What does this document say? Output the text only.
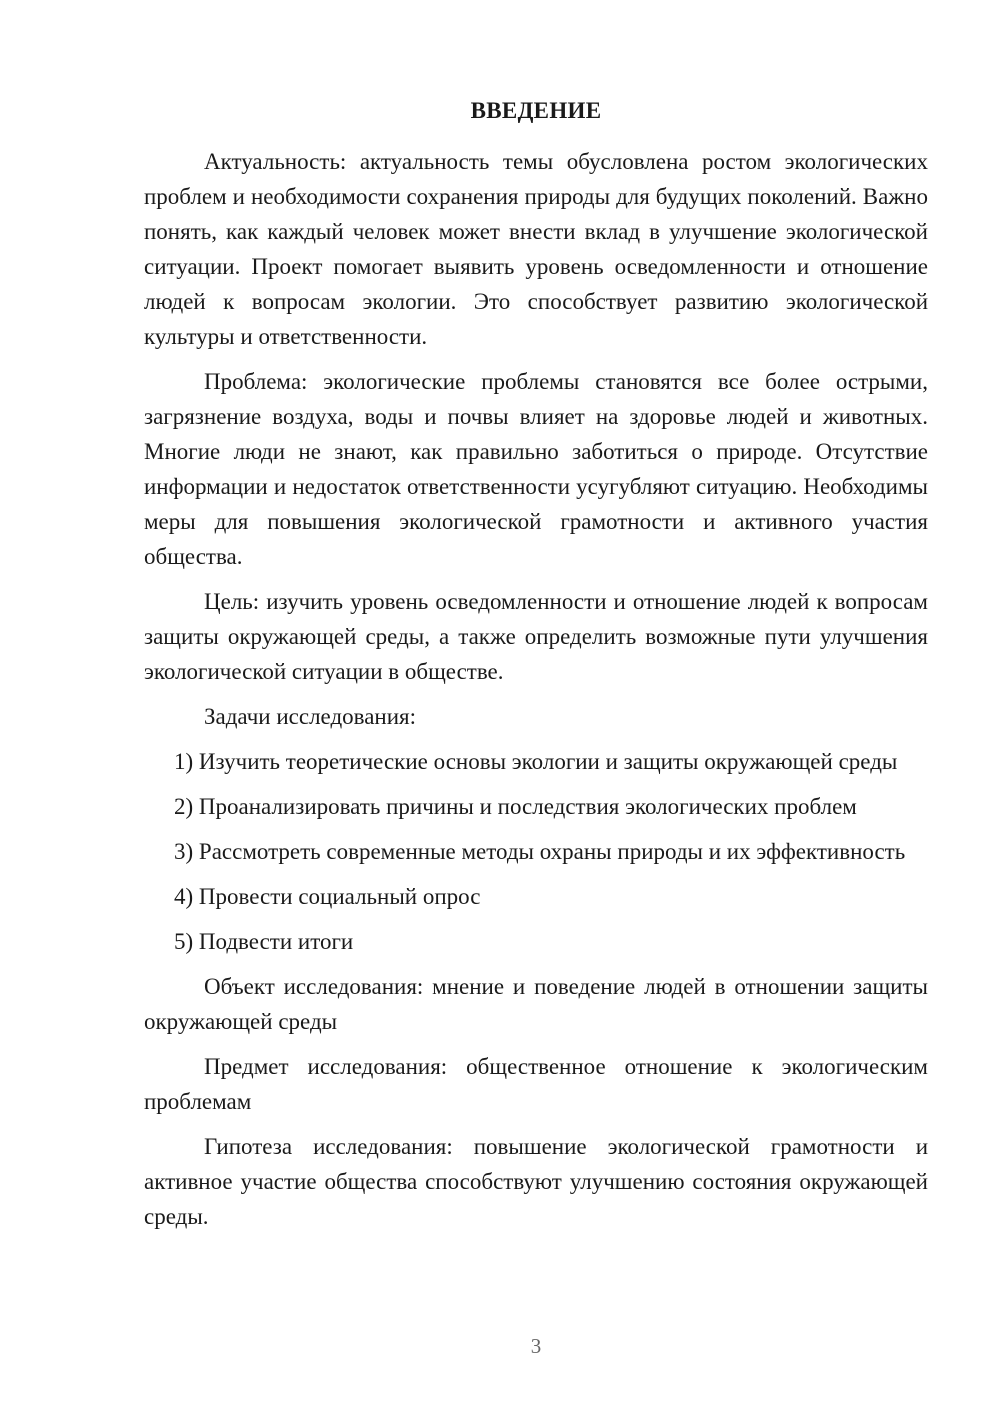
ВВЕДЕНИЕ

Актуальность: актуальность темы обусловлена ростом экологических проблем и необходимости сохранения природы для будущих поколений. Важно понять, как каждый человек может внести вклад в улучшение экологической ситуации. Проект помогает выявить уровень осведомленности и отношение людей к вопросам экологии. Это способствует развитию экологической культуры и ответственности.

Проблема: экологические проблемы становятся все более острыми, загрязнение воздуха, воды и почвы влияет на здоровье людей и животных. Многие люди не знают, как правильно заботиться о природе. Отсутствие информации и недостаток ответственности усугубляют ситуацию. Необходимы меры для повышения экологической грамотности и активного участия общества.

Цель: изучить уровень осведомленности и отношение людей к вопросам защиты окружающей среды, а также определить возможные пути улучшения экологической ситуации в обществе.

Задачи исследования:

1) Изучить теоретические основы экологии и защиты окружающей среды

2) Проанализировать причины и последствия экологических проблем

3) Рассмотреть современные методы охраны природы и их эффективность

4) Провести социальный опрос

5) Подвести итоги

Объект исследования: мнение и поведение людей в отношении защиты окружающей среды

Предмет исследования: общественное отношение к экологическим проблемам

Гипотеза исследования: повышение экологической грамотности и активное участие общества способствуют улучшению состояния окружающей среды.

3
